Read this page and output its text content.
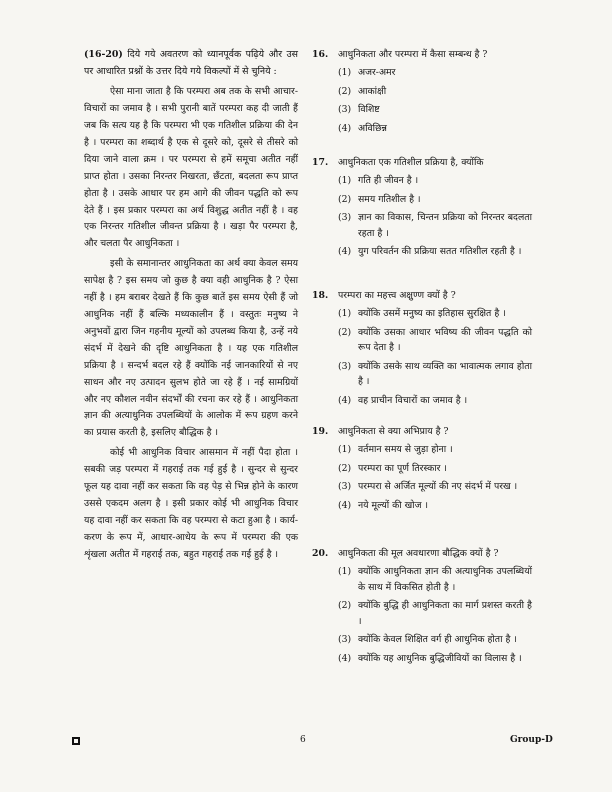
(16-20) दिये गये अवतरण को ध्यानपूर्वक पढ़िये और उस पर आधारित प्रश्नों के उत्तर दिये गये विकल्पों में से चुनिये :

ऐसा माना जाता है कि परम्परा अब तक के सभी आचार-विचारों का जमाव है । सभी पुरानी बातें परम्परा कह दी जाती हैं जब कि सत्य यह है कि परम्परा भी एक गतिशील प्रक्रिया की देन है । परम्परा का शब्दार्थ है एक से दूसरे को, दूसरे से तीसरे को दिया जाने वाला क्रम । पर परम्परा से हमें समूचा अतीत नहीं प्राप्त होता । उसका निरन्तर निखरता, छँटता, बदलता रूप प्राप्त होता है । उसके आधार पर हम आगे की जीवन पद्धति को रूप देते हैं । इस प्रकार परम्परा का अर्थ विशुद्ध अतीत नहीं है । वह एक निरन्तर गतिशील जीवन्त प्रक्रिया है । खड़ा पैर परम्परा है, और चलता पैर आधुनिकता ।

इसी के समानान्तर आधुनिकता का अर्थ क्या केवल समय सापेक्ष है ? इस समय जो कुछ है क्या वही आधुनिक है ? ऐसा नहीं है । हम बराबर देखते हैं कि कुछ बातें इस समय ऐसी हैं जो आधुनिक नहीं हैं बल्कि मध्यकालीन हैं । वस्तुतः मनुष्य ने अनुभवों द्वारा जिन गहनीय मूल्यों को उपलब्ध किया है, उन्हें नये संदर्भ में देखने की दृष्टि आधुनिकता है । यह एक गतिशील प्रक्रिया है । सन्दर्भ बदल रहे हैं क्योंकि नई जानकारियों से नए साधन और नए उत्पादन सुलभ होते जा रहे हैं । नई सामग्रियों और नए कौशल नवीन संदर्भों की रचना कर रहे हैं । आधुनिकता ज्ञान की अत्याधुनिक उपलब्धियों के आलोक में रूप ग्रहण करने का प्रयास करती है, इसलिए बौद्धिक है ।

कोई भी आधुनिक विचार आसमान में नहीं पैदा होता । सबकी जड़ परम्परा में गहराई तक गई हुई है । सुन्दर से सुन्दर फूल यह दावा नहीं कर सकता कि वह पेड़ से भिन्न होने के कारण उससे एकदम अलग है । इसी प्रकार कोई भी आधुनिक विचार यह दावा नहीं कर सकता कि वह परम्परा से कटा हुआ है । कार्य-करण के रूप में, आधार-आधेय के रूप में परम्परा की एक शृंखला अतीत में गहराई तक, बहुत गहराई तक गई हुई है ।

16.	आधुनिकता और परम्परा में कैसा सम्बन्ध है ?
(1) अजर-अमर
(2) आकांक्षी
(3) विशिष्ट
(4) अविछिन्न
17.	आधुनिकता एक गतिशील प्रक्रिया है, क्योंकि
(1) गति ही जीवन है ।
(2) समय गतिशील है ।
(3) ज्ञान का विकास, चिन्तन प्रक्रिया को निरन्तर बदलता रहता है ।
(4) युग परिवर्तन की प्रक्रिया सतत गतिशील रहती है ।
18.	परम्परा का महत्त्व अक्षुण्ण क्यों है ?
(1) क्योंकि उसमें मनुष्य का इतिहास सुरक्षित है ।
(2) क्योंकि उसका आधार भविष्य की जीवन पद्धति को रूप देता है ।
(3) क्योंकि उसके साथ व्यक्ति का भावात्मक लगाव होता है ।
(4) वह प्राचीन विचारों का जमाव है ।
19.	आधुनिकता से क्या अभिप्राय है ?
(1) वर्तमान समय से जुड़ा होना ।
(2) परम्परा का पूर्ण तिरस्कार ।
(3) परम्परा से अर्जित मूल्यों की नए संदर्भ में परख ।
(4) नये मूल्यों की खोज ।
20.	आधुनिकता की मूल अवधारणा बौद्धिक क्यों है ?
(1) क्योंकि आधुनिकता ज्ञान की अत्याधुनिक उपलब्धियों के साथ में विकसित होती है ।
(2) क्योंकि बुद्धि ही आधुनिकता का मार्ग प्रशस्त करती है ।
(3) क्योंकि केवल शिक्षित वर्ग ही आधुनिक होता है ।
(4) क्योंकि यह आधुनिक बुद्धिजीवियों का विलास है ।
6	Group-D
